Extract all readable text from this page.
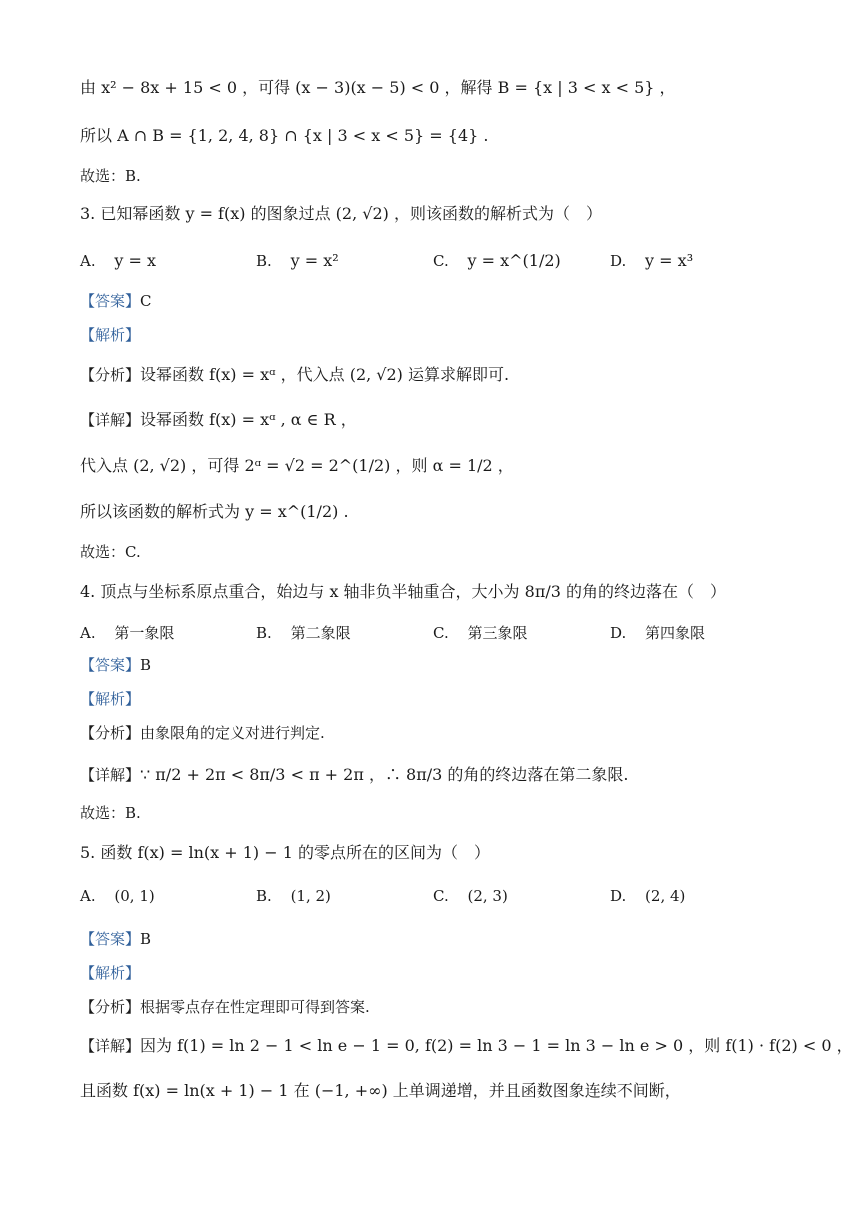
由 x² − 8x + 15 < 0 ，可得 (x − 3)(x − 5) < 0 ，解得 B = {x | 3 < x < 5} ，
所以 A ∩ B = {1, 2, 4, 8} ∩ {x | 3 < x < 5} = {4} .
故选：B.
3. 已知幂函数 y = f(x) 的图象过点 (2, √2) ，则该函数的解析式为（　）
A. y = x	B. y = x²	C. y = x^(1/2)	D. y = x³
【答案】C
【解析】
【分析】设幂函数 f(x) = xᵅ ，代入点 (2, √2) 运算求解即可.
【详解】设幂函数 f(x) = xᵅ , α ∈ R ，
代入点 (2, √2) ，可得 2ᵅ = √2 = 2^(1/2) ，则 α = 1/2 ，
所以该函数的解析式为 y = x^(1/2) .
故选：C.
4. 顶点与坐标系原点重合，始边与 x 轴非负半轴重合，大小为 8π/3 的角的终边落在（　）
A. 第一象限	B. 第二象限	C. 第三象限	D. 第四象限
【答案】B
【解析】
【分析】由象限角的定义对进行判定.
【详解】∵ π/2 + 2π < 8π/3 < π + 2π ，∴ 8π/3 的角的终边落在第二象限.
故选：B.
5. 函数 f(x) = ln(x + 1) − 1 的零点所在的区间为（　）
A. (0, 1)	B. (1, 2)	C. (2, 3)	D. (2, 4)
【答案】B
【解析】
【分析】根据零点存在性定理即可得到答案.
【详解】因为 f(1) = ln 2 − 1 < ln e − 1 = 0, f(2) = ln 3 − 1 = ln 3 − ln e > 0 ，则 f(1) · f(2) < 0 ，
且函数 f(x) = ln(x + 1) − 1 在 (−1, +∞) 上单调递增，并且函数图象连续不间断，
